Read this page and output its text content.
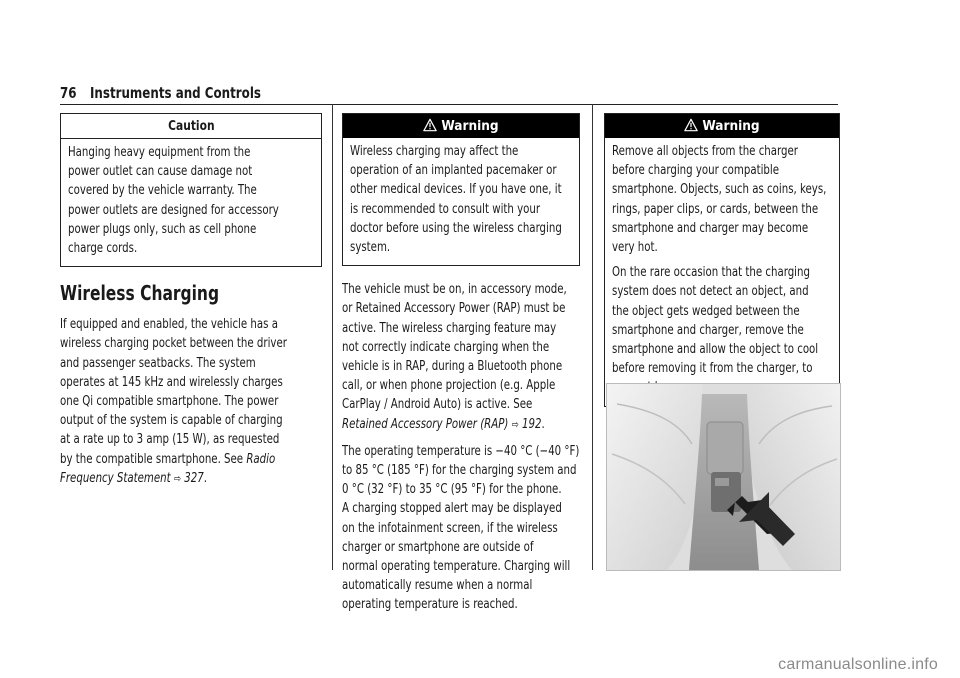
76 Instruments and Controls
Caution
Hanging heavy equipment from the
power outlet can cause damage not
covered by the vehicle warranty. The
power outlets are designed for accessory
power plugs only, such as cell phone
charge cords.
Wireless Charging
If equipped and enabled, the vehicle has a
wireless charging pocket between the driver
and passenger seatbacks. The system
operates at 145 kHz and wirelessly charges
one Qi compatible smartphone. The power
output of the system is capable of charging
at a rate up to 3 amp (15 W), as requested
by the compatible smartphone. See Radio
Frequency Statement ⇨ 327.
Warning
Wireless charging may affect the
operation of an implanted pacemaker or
other medical devices. If you have one, it
is recommended to consult with your
doctor before using the wireless charging
system.

The vehicle must be on, in accessory mode,
or Retained Accessory Power (RAP) must be
active. The wireless charging feature may
not correctly indicate charging when the
vehicle is in RAP, during a Bluetooth phone
call, or when phone projection (e.g. Apple
CarPlay / Android Auto) is active. See
Retained Accessory Power (RAP) ⇨ 192.

The operating temperature is −40 °C (−40 °F)
to 85 °C (185 °F) for the charging system and
0 °C (32 °F) to 35 °C (95 °F) for the phone.
A charging stopped alert may be displayed
on the infotainment screen, if the wireless
charger or smartphone are outside of
normal operating temperature. Charging will
automatically resume when a normal
operating temperature is reached.

Warning

Remove all objects from the charger
before charging your compatible
smartphone. Objects, such as coins, keys,
rings, paper clips, or cards, between the
smartphone and charger may become
very hot.

On the rare occasion that the charging
system does not detect an object, and
the object gets wedged between the
smartphone and charger, remove the
smartphone and allow the object to cool
before removing it from the charger, to

carmanualsonline.info
